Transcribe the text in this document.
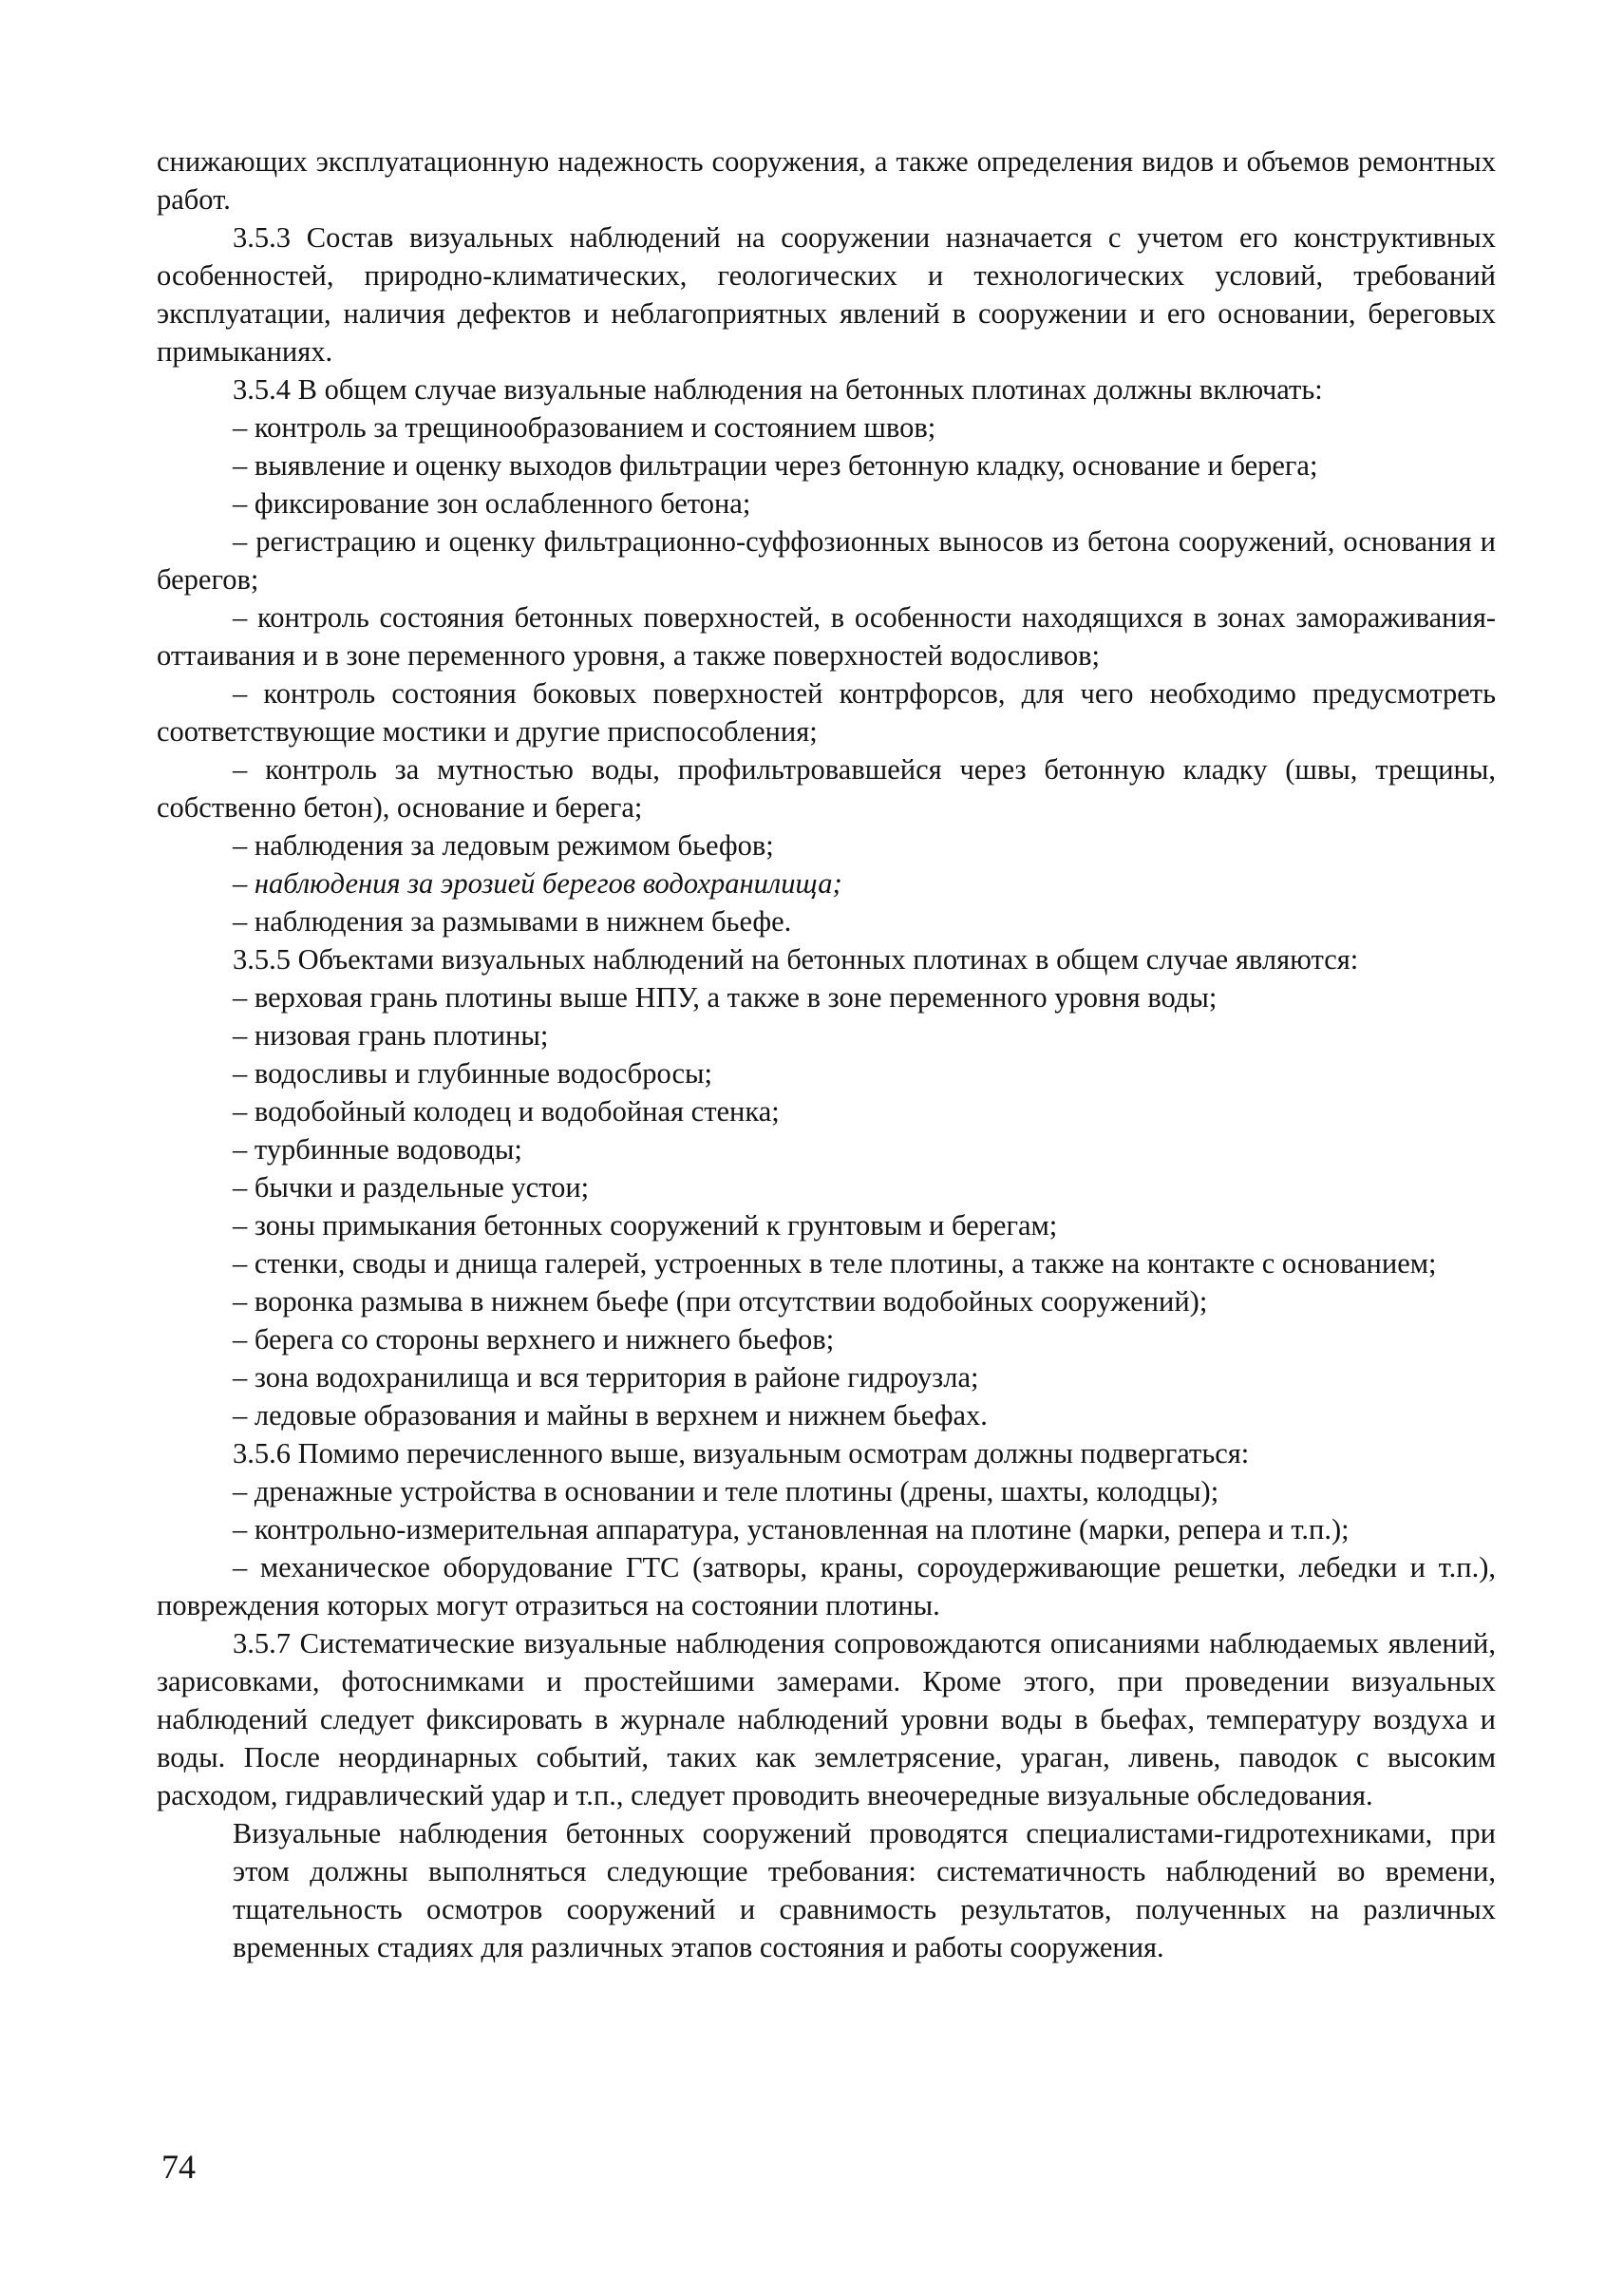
снижающих эксплуатационную надежность сооружения, а также определения видов и объемов ремонтных работ.

3.5.3 Состав визуальных наблюдений на сооружении назначается с учетом его конструктивных особенностей, природно-климатических, геологических и технологических условий, требований эксплуатации, наличия дефектов и неблагоприятных явлений в сооружении и его основании, береговых примыканиях.

3.5.4 В общем случае визуальные наблюдения на бетонных плотинах должны включать:

– контроль за трещинообразованием и состоянием швов;

– выявление и оценку выходов фильтрации через бетонную кладку, основание и берега;

– фиксирование зон ослабленного бетона;

– регистрацию и оценку фильтрационно-суффозионных выносов из бетона сооружений, основания и берегов;

– контроль состояния бетонных поверхностей, в особенности находящихся в зонах замораживания-оттаивания и в зоне переменного уровня, а также поверхностей водосливов;

– контроль состояния боковых поверхностей контрфорсов, для чего необходимо предусмотреть соответствующие мостики и другие приспособления;

– контроль за мутностью воды, профильтровавшейся через бетонную кладку (швы, трещины, собственно бетон), основание и берега;

– наблюдения за ледовым режимом бьефов;

– наблюдения за эрозией берегов водохранилища;

– наблюдения за размывами в нижнем бьефе.

3.5.5 Объектами визуальных наблюдений на бетонных плотинах в общем случае являются:

– верховая грань плотины выше НПУ, а также в зоне переменного уровня воды;

– низовая грань плотины;

– водосливы и глубинные водосбросы;

– водобойный колодец и водобойная стенка;

– турбинные водоводы;

– бычки и раздельные устои;

– зоны примыкания бетонных сооружений к грунтовым и берегам;

– стенки, своды и днища галерей, устроенных в теле плотины, а также на контакте с основанием;

– воронка размыва в нижнем бьефе (при отсутствии водобойных сооружений);

– берега со стороны верхнего и нижнего бьефов;

– зона водохранилища и вся территория в районе гидроузла;

– ледовые образования и майны в верхнем и нижнем бьефах.

3.5.6 Помимо перечисленного выше, визуальным осмотрам должны подвергаться:

– дренажные устройства в основании и теле плотины (дрены, шахты, колодцы);

– контрольно-измерительная аппаратура, установленная на плотине (марки, репера и т.п.);

– механическое оборудование ГТС (затворы, краны, сороудерживающие решетки, лебедки и т.п.), повреждения которых могут отразиться на состоянии плотины.

3.5.7 Систематические визуальные наблюдения сопровождаются описаниями наблюдаемых явлений, зарисовками, фотоснимками и простейшими замерами. Кроме этого, при проведении визуальных наблюдений следует фиксировать в журнале наблюдений уровни воды в бьефах, температуру воздуха и воды. После неординарных событий, таких как землетрясение, ураган, ливень, паводок с высоким расходом, гидравлический удар и т.п., следует проводить внеочередные визуальные обследования.

Визуальные наблюдения бетонных сооружений проводятся специалистами-гидротехниками, при этом должны выполняться следующие требования: систематичность наблюдений во времени, тщательность осмотров сооружений и сравнимость результатов, полученных на различных временных стадиях для различных этапов состояния и работы сооружения.

74
